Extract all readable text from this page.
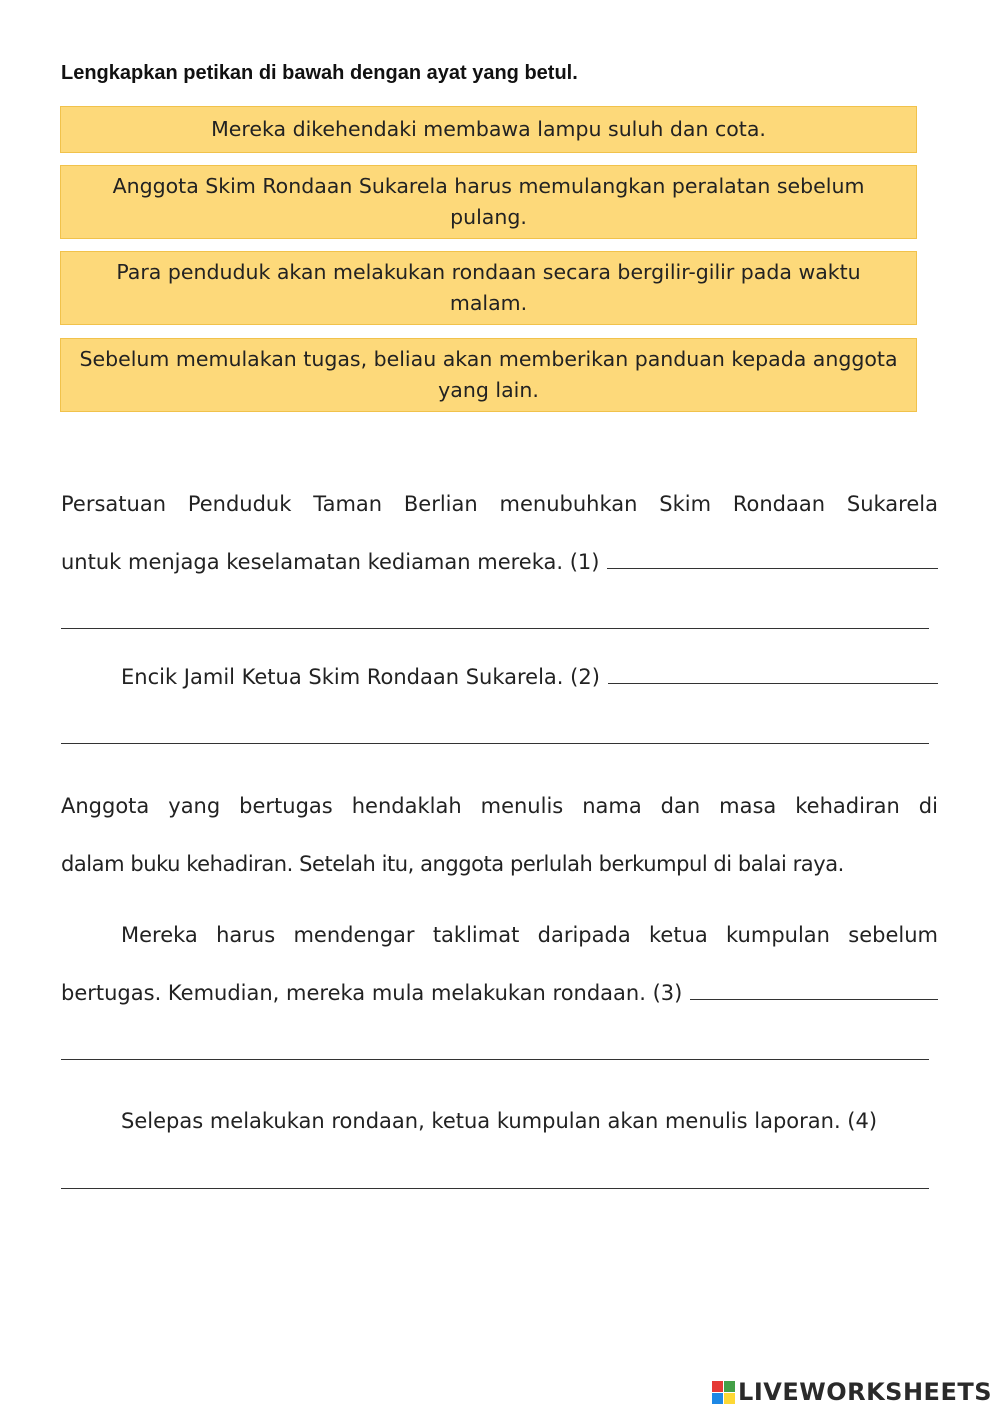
Lengkapkan petikan di bawah dengan ayat yang betul.
Mereka dikehendaki membawa lampu suluh dan cota.
Anggota Skim Rondaan Sukarela harus memulangkan peralatan sebelum pulang.
Para penduduk akan melakukan rondaan secara bergilir-gilir pada waktu malam.
Sebelum memulakan tugas, beliau akan memberikan panduan kepada anggota yang lain.
Persatuan Penduduk Taman Berlian menubuhkan Skim Rondaan Sukarela
untuk menjaga keselamatan kediaman mereka. (1)
Encik Jamil Ketua Skim Rondaan Sukarela. (2)
Anggota yang bertugas hendaklah menulis nama dan masa kehadiran di
dalam buku kehadiran. Setelah itu, anggota perlulah berkumpul di balai raya.
Mereka harus mendengar taklimat daripada ketua kumpulan sebelum
bertugas. Kemudian, mereka mula melakukan rondaan. (3)
Selepas melakukan rondaan, ketua kumpulan akan menulis laporan. (4)
LIVEWORKSHEETS
